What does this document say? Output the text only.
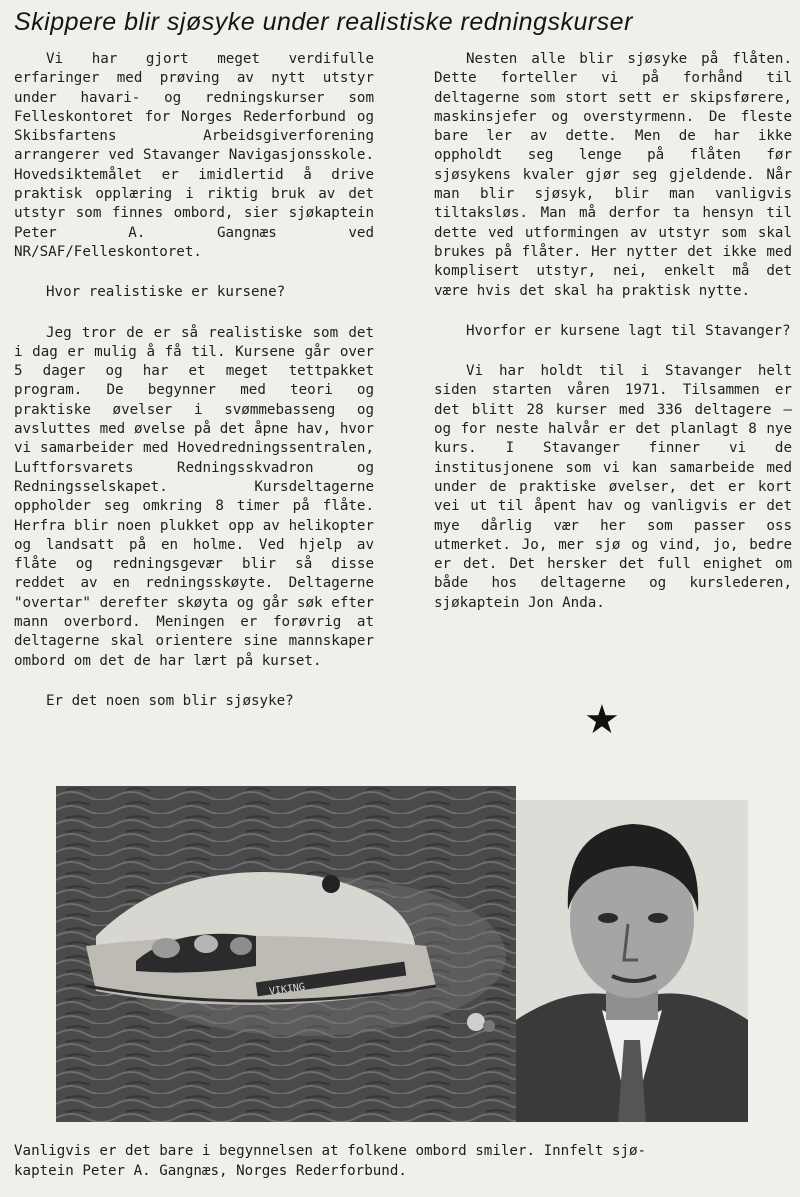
Skippere blir sjøsyke under realistiske redningskurser

Vi har gjort meget verdifulle erfaringer med prøving av nytt utstyr under havari- og redningskurser som Felleskontoret for Norges Rederforbund og Skibsfartens Arbeidsgiverforening arrangerer ved Stavanger Navigasjonsskole. Hovedsiktemålet er imidlertid å drive praktisk opplæring i riktig bruk av det utstyr som finnes ombord, sier sjøkaptein Peter A. Gangnæs ved NR/SAF/Felleskontoret.

Hvor realistiske er kursene?

Jeg tror de er så realistiske som det i dag er mulig å få til. Kursene går over 5 dager og har et meget tettpakket program. De begynner med teori og praktiske øvelser i svømmebasseng og avsluttes med øvelse på det åpne hav, hvor vi samarbeider med Hovedredningssentralen, Luftforsvarets Redningsskvadron og Redningsselskapet. Kursdeltagerne oppholder seg omkring 8 timer på flåte. Herfra blir noen plukket opp av helikopter og landsatt på en holme. Ved hjelp av flåte og redningsgevær blir så disse reddet av en redningsskøyte. Deltagerne "overtar" derefter skøyta og går søk efter mann overbord. Meningen er forøvrig at deltagerne skal orientere sine mannskaper ombord om det de har lært på kurset.

Er det noen som blir sjøsyke?

Nesten alle blir sjøsyke på flåten. Dette forteller vi på forhånd til deltagerne som stort sett er skipsførere, maskinsjefer og overstyrmenn. De fleste bare ler av dette. Men de har ikke oppholdt seg lenge på flåten før sjøsykens kvaler gjør seg gjeldende. Når man blir sjøsyk, blir man vanligvis tiltaksløs. Man må derfor ta hensyn til dette ved utformingen av utstyr som skal brukes på flåter. Her nytter det ikke med komplisert utstyr, nei, enkelt må det være hvis det skal ha praktisk nytte.

Hvorfor er kursene lagt til Stavanger?

Vi har holdt til i Stavanger helt siden starten våren 1971. Tilsammen er det blitt 28 kurser med 336 deltagere – og for neste halvår er det planlagt 8 nye kurs. I Stavanger finner vi de institusjonene som vi kan samarbeide med under de praktiske øvelser, det er kort vei ut til åpent hav og vanligvis er det mye dårlig vær her som passer oss utmerket. Jo, mer sjø og vind, jo, bedre er det. Det hersker det full enighet om både hos deltagerne og kurslederen, sjøkaptein Jon Anda.

★
VIKING
Vanligvis er det bare i begynnelsen at folkene ombord smiler. Innfelt sjø-
kaptein Peter A. Gangnæs, Norges Rederforbund.
